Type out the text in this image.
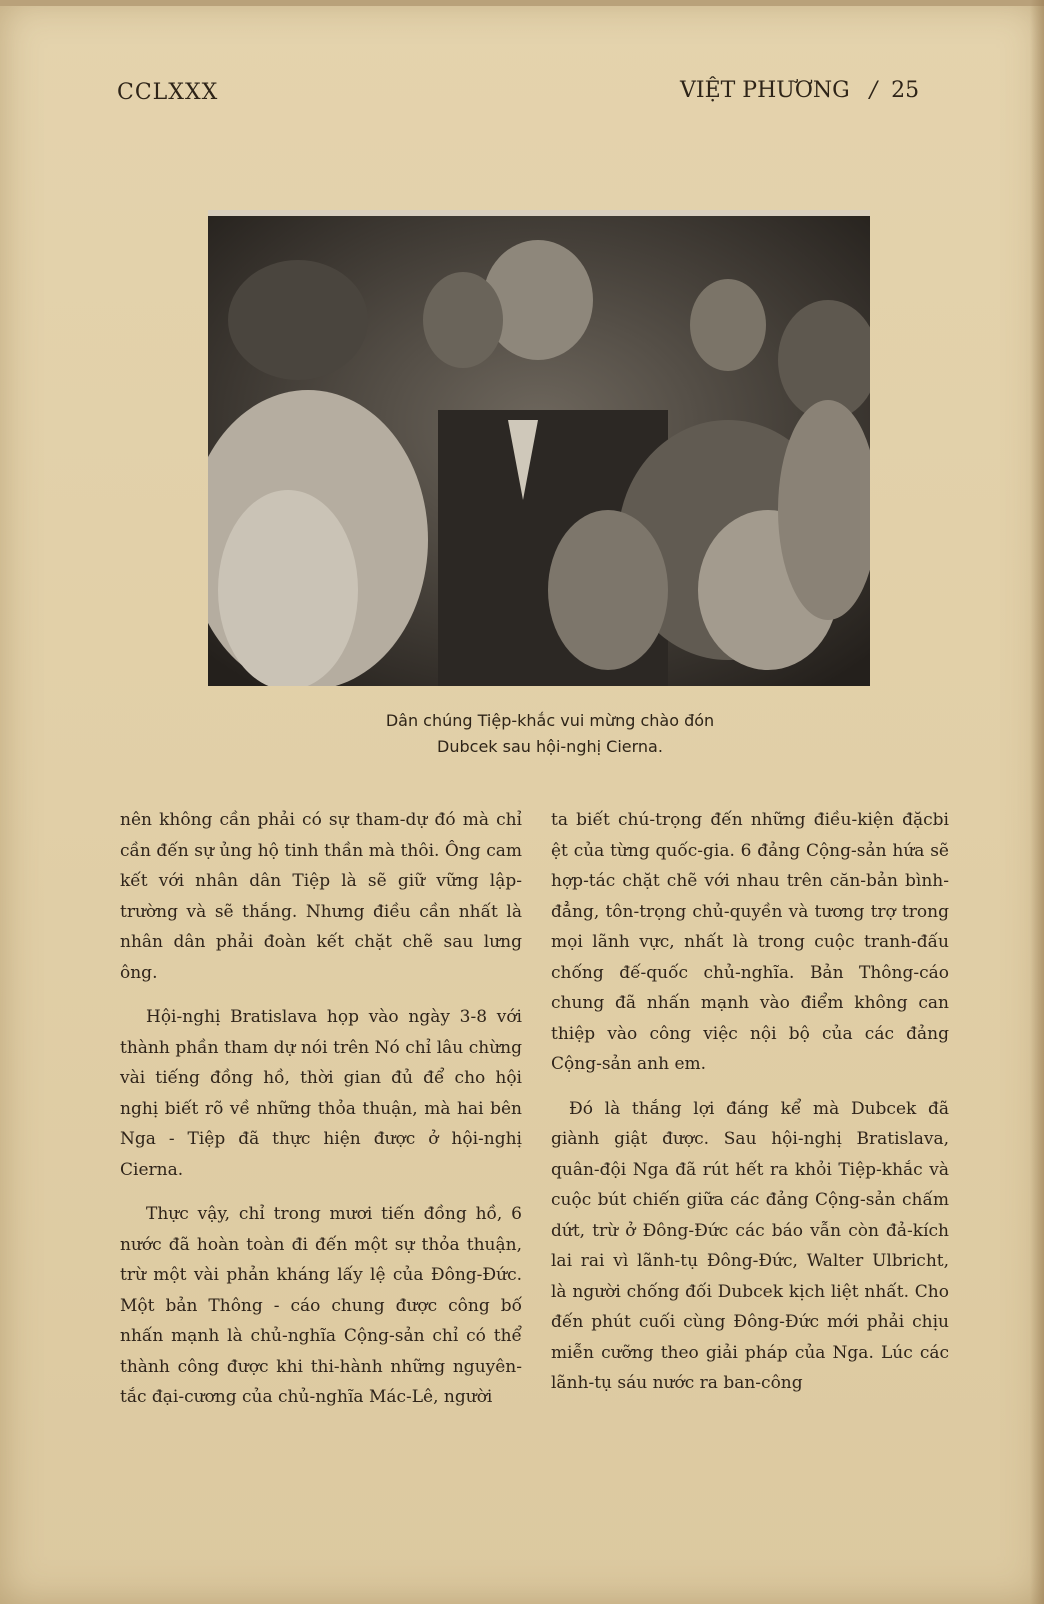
CCLXXX	VIỆT PHƯƠNG / 25
Dân chúng Tiệp-khắc vui mừng chào đón
Dubcek sau hội-nghị Cierna.

nên không cần phải có sự tham-dự đó mà chỉ cần đến sự ủng hộ tinh thần mà thôi. Ông cam kết với nhân dân Tiệp là sẽ giữ vững lập-trường và sẽ thắng. Nhưng điều cần nhất là nhân dân phải đoàn kết chặt chẽ sau lưng ông.

Hội-nghị Bratislava họp vào ngày 3-8 với thành phần tham dự nói trên Nó chỉ lâu chừng vài tiếng đồng hồ, thời gian đủ để cho hội nghị biết rõ về những thỏa thuận, mà hai bên Nga - Tiệp đã thực hiện được ở hội-nghị Cierna.

Thực vậy, chỉ trong mươi tiến đồng hồ, 6 nước đã hoàn toàn đi đến một sự thỏa thuận, trừ một vài phản kháng lấy lệ của Đông-Đức. Một bản Thông - cáo chung được công bố nhấn mạnh là chủ-nghĩa Cộng-sản chỉ có thể thành công được khi thi-hành những nguyên-tắc đại-cương của chủ-nghĩa Mác-Lê, người

ta biết chú-trọng đến những điều-kiện đặcbi ệt của từng quốc-gia. 6 đảng Cộng-sản hứa sẽ hợp-tác chặt chẽ với nhau trên căn-bản bình-đẳng, tôn-trọng chủ-quyền và tương trợ trong mọi lãnh vực, nhất là trong cuộc tranh-đấu chống đế-quốc chủ-nghĩa. Bản Thông-cáo chung đã nhấn mạnh vào điểm không can thiệp vào công việc nội bộ của các đảng Cộng-sản anh em.

Đó là thắng lợi đáng kể mà Dubcek đã giành giật được. Sau hội-nghị Bratislava, quân-đội Nga đã rút hết ra khỏi Tiệp-khắc và cuộc bút chiến giữa các đảng Cộng-sản chấm dứt, trừ ở Đông-Đức các báo vẫn còn đả-kích lai rai vì lãnh-tụ Đông-Đức, Walter Ulbricht, là người chống đối Dubcek kịch liệt nhất. Cho đến phút cuối cùng Đông-Đức mới phải chịu miễn cưỡng theo giải pháp của Nga. Lúc các lãnh-tụ sáu nước ra ban-công
